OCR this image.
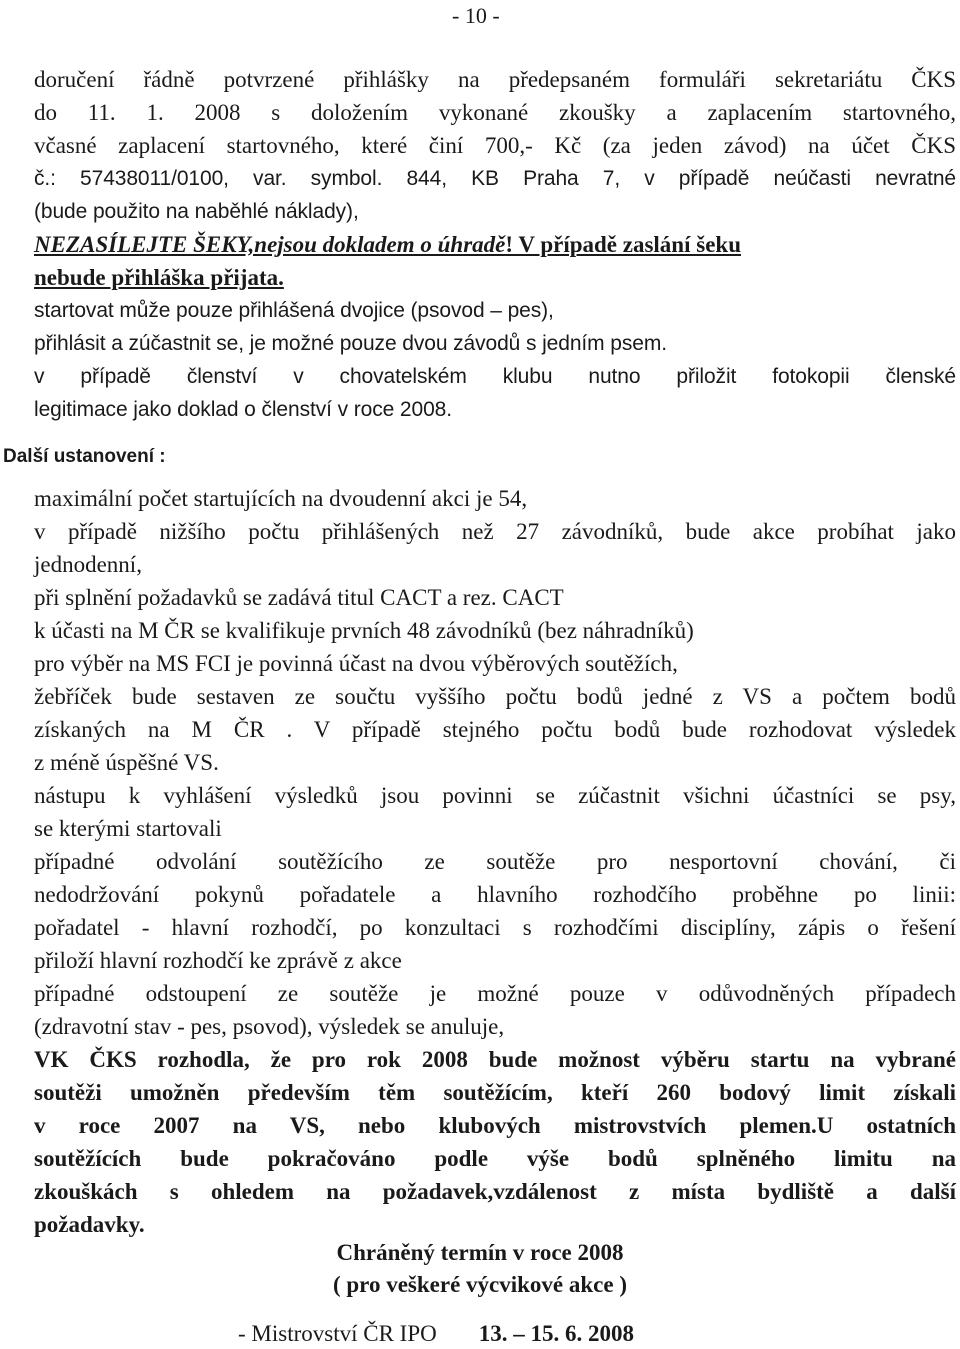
- 10 -
doručení řádně potvrzené přihlášky na předepsaném formuláři sekretariátu ČKS
do 11. 1. 2008 s doložením vykonané zkoušky a zaplacením startovného,
včasné zaplacení startovného, které činí 700,- Kč (za jeden závod) na účet ČKS
č.: 57438011/0100, var. symbol. 844, KB Praha 7, v případě neúčasti nevratné
(bude použito na naběhlé náklady),
NEZASÍLEJTE ŠEKY,nejsou dokladem o úhradě! V případě zaslání šeku
nebude přihláška přijata.
startovat může pouze přihlášená dvojice (psovod – pes),
přihlásit a zúčastnit se, je možné pouze dvou závodů s jedním psem.
v případě členství v chovatelském klubu nutno přiložit fotokopii členské
legitimace jako doklad o členství v roce 2008.
Další ustanovení :
maximální počet startujících na dvoudenní akci je 54,
v případě nižšího počtu přihlášených než 27 závodníků, bude akce probíhat jako
jednodenní,
při splnění požadavků se zadává titul CACT a rez. CACT
k účasti na M ČR se kvalifikuje prvních 48 závodníků (bez náhradníků)
pro výběr na MS FCI je povinná účast na dvou výběrových soutěžích,
žebříček bude sestaven ze součtu vyššího počtu bodů jedné z VS a počtem bodů
získaných na M ČR . V případě stejného počtu bodů bude rozhodovat výsledek
z méně úspěšné VS.
nástupu k vyhlášení výsledků jsou povinni se zúčastnit všichni účastníci se psy,
se kterými startovali
případné odvolání soutěžícího ze soutěže pro nesportovní chování, či
nedodržování pokynů pořadatele a hlavního rozhodčího proběhne po linii:
pořadatel - hlavní rozhodčí, po konzultaci s rozhodčími disciplíny, zápis o řešení
přiloží hlavní rozhodčí ke zprávě z akce
případné odstoupení ze soutěže je možné pouze v odůvodněných případech
(zdravotní stav - pes, psovod), výsledek se anuluje,
VK ČKS rozhodla, že pro rok 2008 bude možnost výběru startu na vybrané
soutěži umožněn především těm soutěžícím, kteří 260 bodový limit získali
v roce 2007 na VS, nebo klubových mistrovstvích plemen.U ostatních
soutěžících bude pokračováno podle výše bodů splněného limitu na
zkouškách s ohledem na požadavek,vzdálenost z místa bydliště a další
požadavky.
Chráněný termín v roce 2008
( pro veškeré výcvikové akce )
- Mistrovství ČR IPO 13. – 15. 6. 2008
